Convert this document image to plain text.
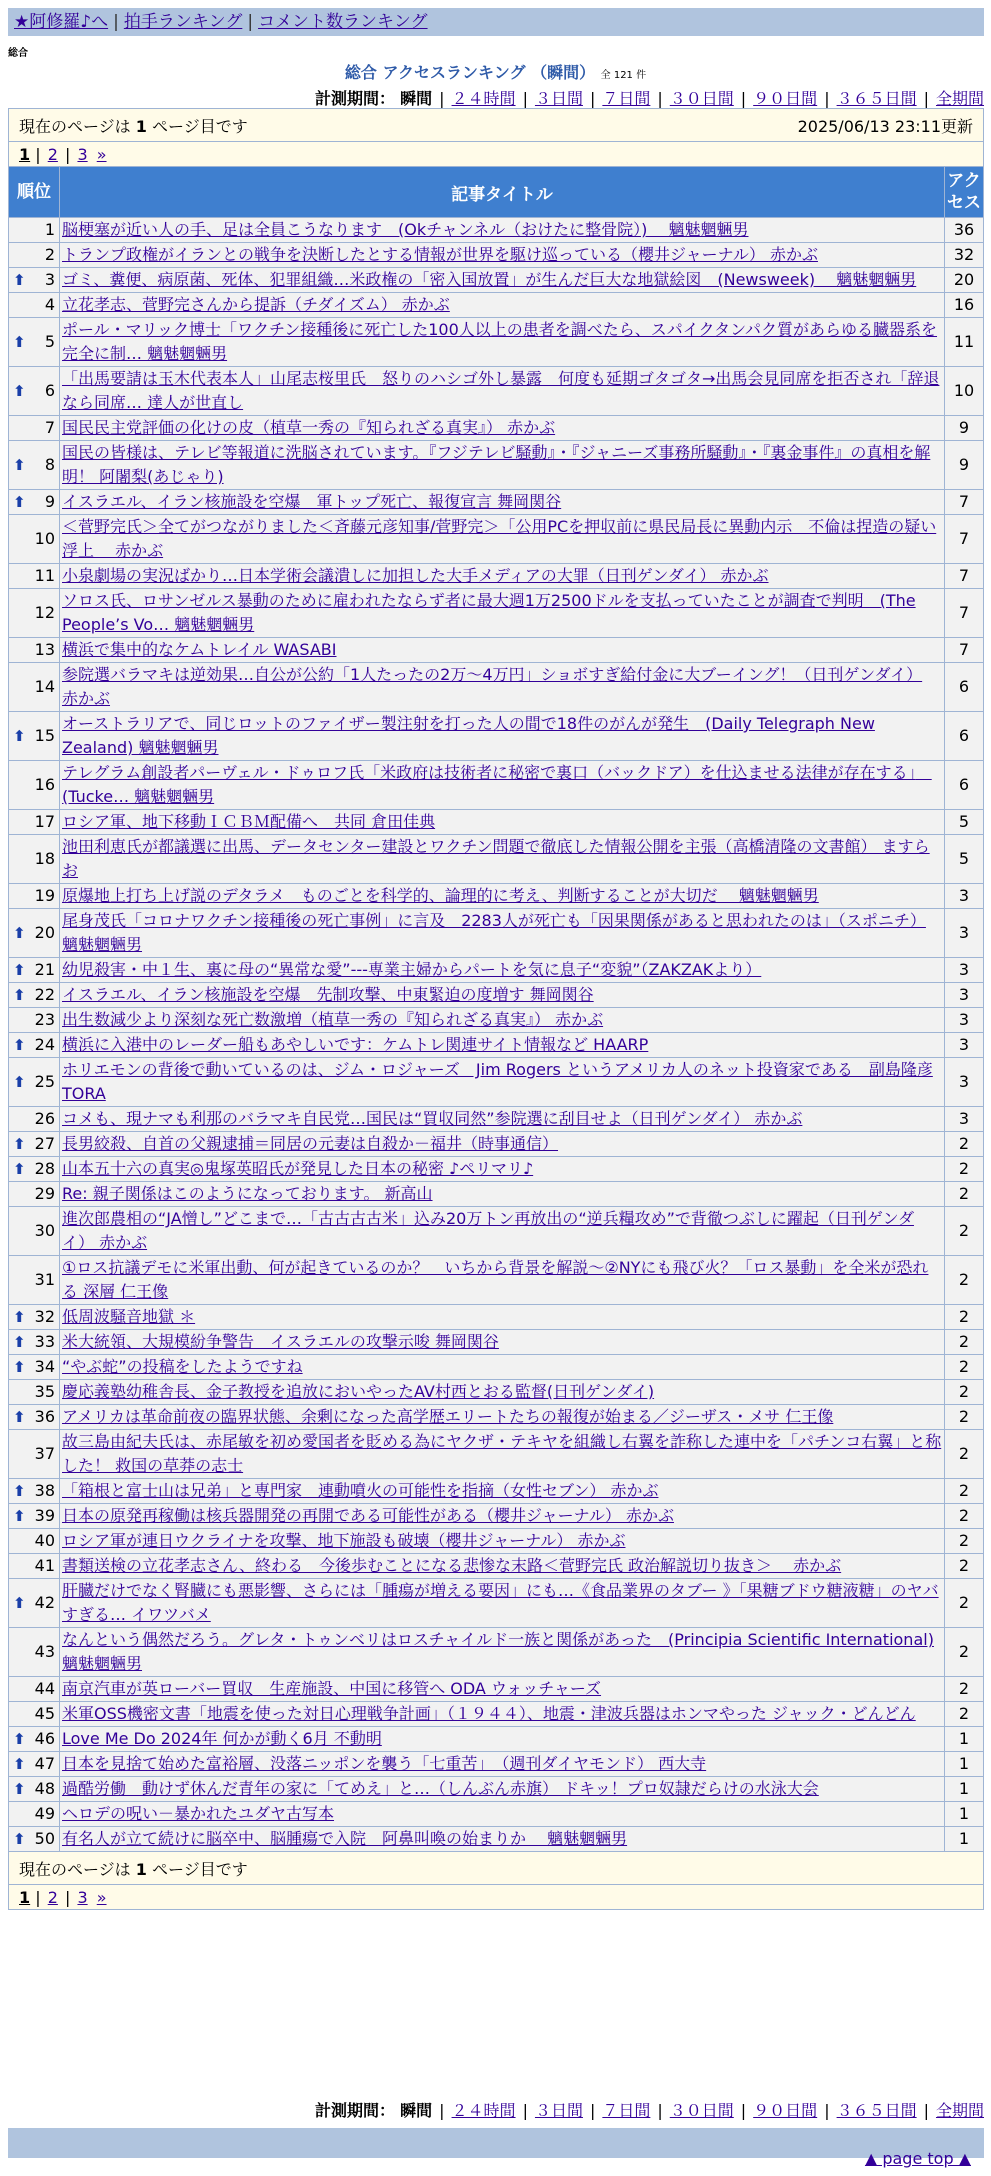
★阿修羅♪へ | 拍手ランキング | コメント数ランキング
総合
総合 アクセスランキング （瞬間） 全 121 件
計測期間： 瞬間 | ２４時間 | ３日間 | ７日間 | ３０日間 | ９０日間 | ３６５日間 | 全期間
現在のページは 1 ページ目です 2025/06/13 23:11更新		

1 | 2 | 3 »		
順位	記事タイトル	アクセス
1	脳梗塞が近い人の手、足は全員こうなります　(Okチャンネル（おけたに整骨院）)　 魑魅魍魎男	36
2	トランプ政権がイランとの戦争を決断したとする情報が世界を駆け巡っている（櫻井ジャーナル） 赤かぶ	32

⬆ 3	ゴミ、糞便、病原菌、死体、犯罪組織…米政権の「密入国放置」が生んだ巨大な地獄絵図　(Newsweek)　 魑魅魍魎男	20
4	立花孝志、菅野完さんから提訴（チダイズム） 赤かぶ	16

⬆ 5	ポール・マリック博士「ワクチン接種後に死亡した100人以上の患者を調べたら、スパイクタンパク質があらゆる臓器系を完全に制… 魑魅魍魎男	11

⬆ 6	「出馬要請は玉木代表本人」山尾志桜里氏　怒りのハシゴ外し暴露　何度も延期ゴタゴタ→出馬会見同席を拒否され「辞退なら同席… 達人が世直し	10
7	国民民主党評価の化けの皮（植草一秀の『知られざる真実』） 赤かぶ	9

⬆ 8	国民の皆様は、テレビ等報道に洗脳されています。『フジテレビ騒動』・『ジャニーズ事務所騒動』・『裏金事件』の真相を解明！ 阿闍梨(あじゃり)	9

⬆ 9	イスラエル、イラン核施設を空爆　軍トップ死亡、報復宣言 舞岡関谷	7
10	＜菅野完氏＞全てがつながりました＜斉藤元彦知事/菅野完＞「公用PCを押収前に県民局長に異動内示　不倫は捏造の疑い浮上　 赤かぶ	7
11	小泉劇場の実況ばかり…日本学術会議潰しに加担した大手メディアの大罪（日刊ゲンダイ） 赤かぶ	7
12	ソロス氏、ロサンゼルス暴動のために雇われたならず者に最大週1万2500ドルを支払っていたことが調査で判明　(The People’s Vo… 魑魅魍魎男	7
13	横浜で集中的なケムトレイル WASABI	7
14	参院選バラマキは逆効果…自公が公約「1人たったの2万～4万円」ショボすぎ給付金に大ブーイング！（日刊ゲンダイ） 赤かぶ	6

⬆ 15	オーストラリアで、同じロットのファイザー製注射を打った人の間で18件のがんが発生　(Daily Telegraph New Zealand) 魑魅魍魎男	6
16	テレグラム創設者パーヴェル・ドゥロフ氏「米政府は技術者に秘密で裏口（バックドア）を仕込ませる法律が存在する」　(Tucke… 魑魅魍魎男	6
17	ロシア軍、地下移動ＩＣＢＭ配備へ　共同 倉田佳典	5
18	池田利恵氏が都議選に出馬、データセンター建設とワクチン問題で徹底した情報公開を主張（高橋清隆の文書館） ますらお	5
19	原爆地上打ち上げ説のデタラメ　ものごとを科学的、論理的に考え、判断することが大切だ　 魑魅魍魎男	3

⬆ 20	尾身茂氏「コロナワクチン接種後の死亡事例」に言及　2283人が死亡も「因果関係があると思われたのは」（スポニチ） 魑魅魍魎男	3

⬆ 21	幼児殺害・中１生、裏に母の“異常な愛”---専業主婦からパートを気に息子“変貌”（ZAKZAKより）	3

⬆ 22	イスラエル、イラン核施設を空爆　先制攻撃、中東緊迫の度増す 舞岡関谷	3
23	出生数減少より深刻な死亡数激増（植草一秀の『知られざる真実』） 赤かぶ	3

⬆ 24	横浜に入港中のレーダー船もあやしいです：ケムトレ関連サイト情報など HAARP	3

⬆ 25	ホリエモンの背後で動いているのは、ジム・ロジャーズ　Jim Rogers というアメリカ人のネット投資家である　副島隆彦 TORA	3
26	コメも、現ナマも利那のバラマキ自民党…国民は“買収同然”参院選に刮目せよ（日刊ゲンダイ） 赤かぶ	3

⬆ 27	長男絞殺、自首の父親逮捕＝同居の元妻は自殺か－福井（時事通信）	2

⬆ 28	山本五十六の真実◎鬼塚英昭氏が発見した日本の秘密 ♪ペリマリ♪	2
29	Re: 親子関係はこのようになっております。 新高山	2
30	進次郎農相の“JA憎し”どこまで…「古古古古米」込み20万トン再放出の“逆兵糧攻め”で背徹つぶしに躍起（日刊ゲンダイ） 赤かぶ	2
31	①ロス抗議デモに米軍出動、何が起きているのか？　いちから背景を解説～②NYにも飛び火？「ロス暴動」を全米が恐れる 深層 仁王像	2

⬆ 32	低周波騒音地獄 ＊	2

⬆ 33	米大統領、大規模紛争警告　イスラエルの攻撃示唆 舞岡関谷	2

⬆ 34	“やぶ蛇”の投稿をしたようですね	2
35	慶応義塾幼稚舎長、金子教授を追放においやったAV村西とおる監督(日刊ゲンダイ)	2

⬆ 36	アメリカは革命前夜の臨界状態、余剰になった高学歴エリートたちの報復が始まる／ジーザス・メサ 仁王像	2
37	故三島由紀夫氏は、赤尾敏を初め愛国者を貶める為にヤクザ・テキヤを組織し右翼を詐称した連中を「パチンコ右翼」と称した！ 救国の草莽の志士	2

⬆ 38	「箱根と富士山は兄弟」と専門家　連動噴火の可能性を指摘（女性セブン） 赤かぶ	2

⬆ 39	日本の原発再稼働は核兵器開発の再開である可能性がある（櫻井ジャーナル） 赤かぶ	2
40	ロシア軍が連日ウクライナを攻撃、地下施設も破壊（櫻井ジャーナル） 赤かぶ	2
41	書類送検の立花孝志さん、終わる　今後歩むことになる悲惨な末路＜菅野完氏 政治解説切り抜き＞　 赤かぶ	2

⬆ 42	肝臓だけでなく腎臓にも悪影響、さらには「腫瘍が増える要因」にも…《食品業界のタブー 》「果糖ブドウ糖液糖」のヤバすぎる… イワツバメ	2
43	なんという偶然だろう。グレタ・トゥンベリはロスチャイルド一族と関係があった　(Principia Scientific International) 魑魅魍魎男	2
44	南京汽車が英ローバー買収　生産施設、中国に移管へ ODA ウォッチャーズ	2
45	米軍OSS機密文書「地震を使った対日心理戦争計画」（１９４４）、地震・津波兵器はホンマやった ジャック・どんどん	2

⬆ 46	Love Me Do 2024年 何かが動く6月 不動明	1

⬆ 47	日本を見捨て始めた富裕層、没落ニッポンを襲う「七重苦」　（週刊ダイヤモンド） 西大寺	1

⬆ 48	過酷労働　動けず休んだ青年の家に「てめえ」と…（しんぶん赤旗） ドキッ！プロ奴隷だらけの水泳大会	1
49	ヘロデの呪い－暴かれたユダヤ古写本	1

⬆ 50	有名人が立て続けに脳卒中、脳腫瘍で入院　阿鼻叫喚の始まりか　 魑魅魍魎男	1

現在のページは 1 ページ目です		

1 | 2 | 3 »		
計測期間： 瞬間 | ２４時間 | ３日間 | ７日間 | ３０日間 | ９０日間 | ３６５日間 | 全期間
▲ page top ▲
